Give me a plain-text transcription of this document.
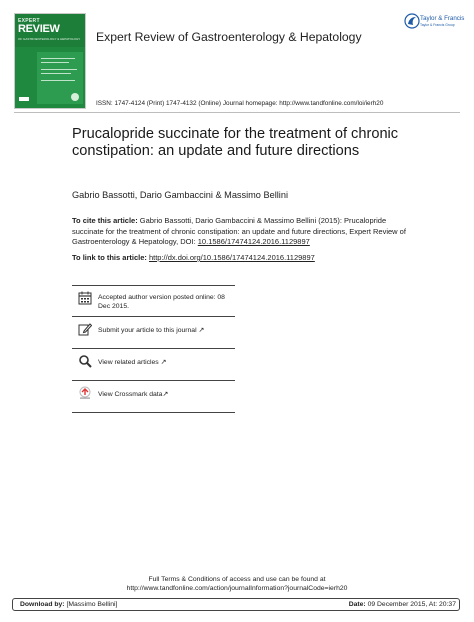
EXPERT
REVIEW
OF GASTROENTEROLOGY & HEPATOLOGY Expert Review of Gastroenterology & Hepatology
Taylor & Francis
Taylor & Francis Group
ISSN: 1747-4124 (Print) 1747-4132 (Online) Journal homepage: http://www.tandfonline.com/loi/ierh20
Prucalopride succinate for the treatment of chronic constipation: an update and future directions
Gabrio Bassotti, Dario Gambaccini & Massimo Bellini
To cite this article: Gabrio Bassotti, Dario Gambaccini & Massimo Bellini (2015): Prucalopride succinate for the treatment of chronic constipation: an update and future directions, Expert Review of Gastroenterology & Hepatology, DOI: 10.1586/17474124.2016.1129897
To link to this article: http://dx.doi.org/10.1586/17474124.2016.1129897
Accepted author version posted online: 08 Dec 2015.
Submit your article to this journal ↗
View related articles ↗
View Crossmark data↗
Full Terms & Conditions of access and use can be found at
http://www.tandfonline.com/action/journalInformation?journalCode=ierh20
Download by: [Massimo Bellini]	Date: 09 December 2015, At: 20:37
